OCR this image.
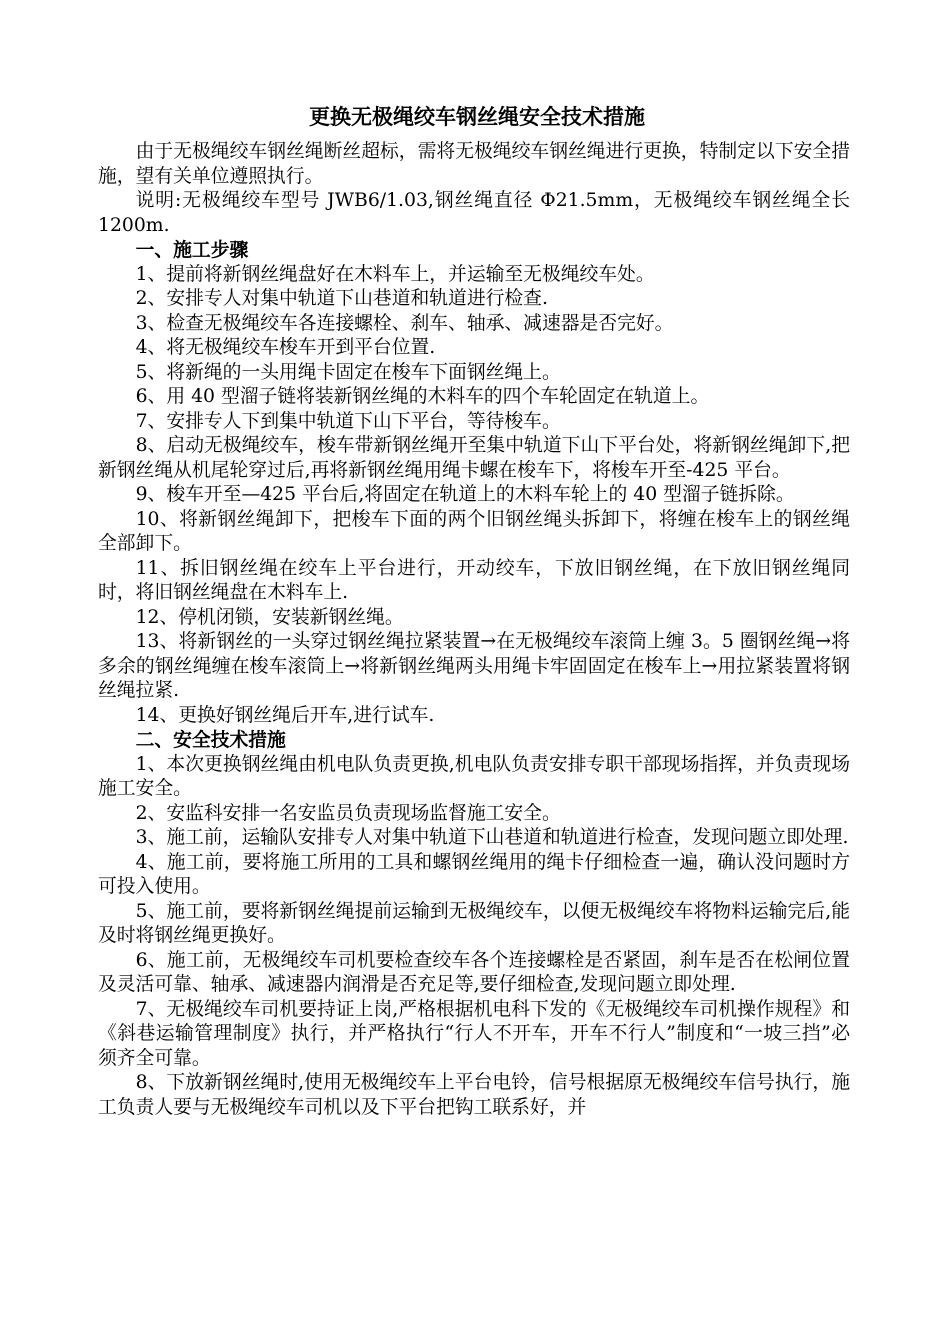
更换无极绳绞车钢丝绳安全技术措施

由于无极绳绞车钢丝绳断丝超标，需将无极绳绞车钢丝绳进行更换，特制定以下安全措施，望有关单位遵照执行。

说明:无极绳绞车型号 JWB6/1.03,钢丝绳直径 Φ21.5mm，无极绳绞车钢丝绳全长 1200m.

一、施工步骤

1、提前将新钢丝绳盘好在木料车上，并运输至无极绳绞车处。

2、安排专人对集中轨道下山巷道和轨道进行检查.

3、检查无极绳绞车各连接螺栓、刹车、轴承、减速器是否完好。

4、将无极绳绞车梭车开到平台位置.

5、将新绳的一头用绳卡固定在梭车下面钢丝绳上。

6、用 40 型溜子链将装新钢丝绳的木料车的四个车轮固定在轨道上。

7、安排专人下到集中轨道下山下平台，等待梭车。

8、启动无极绳绞车，梭车带新钢丝绳开至集中轨道下山下平台处，将新钢丝绳卸下,把新钢丝绳从机尾轮穿过后,再将新钢丝绳用绳卡螺在梭车下，将梭车开至-425 平台。

9、梭车开至—425 平台后,将固定在轨道上的木料车轮上的 40 型溜子链拆除。

10、将新钢丝绳卸下，把梭车下面的两个旧钢丝绳头拆卸下，将缠在梭车上的钢丝绳全部卸下。

11、拆旧钢丝绳在绞车上平台进行，开动绞车，下放旧钢丝绳，在下放旧钢丝绳同时，将旧钢丝绳盘在木料车上.

12、停机闭锁，安装新钢丝绳。

13、将新钢丝的一头穿过钢丝绳拉紧装置→在无极绳绞车滚筒上缠 3。5 圈钢丝绳→将多余的钢丝绳缠在梭车滚筒上→将新钢丝绳两头用绳卡牢固固定在梭车上→用拉紧装置将钢丝绳拉紧.

14、更换好钢丝绳后开车,进行试车.

二、安全技术措施

1、本次更换钢丝绳由机电队负责更换,机电队负责安排专职干部现场指挥，并负责现场施工安全。

2、安监科安排一名安监员负责现场监督施工安全。

3、施工前，运输队安排专人对集中轨道下山巷道和轨道进行检查，发现问题立即处理.

4、施工前，要将施工所用的工具和螺钢丝绳用的绳卡仔细检查一遍，确认没问题时方可投入使用。

5、施工前，要将新钢丝绳提前运输到无极绳绞车，以便无极绳绞车将物料运输完后,能及时将钢丝绳更换好。

6、施工前，无极绳绞车司机要检查绞车各个连接螺栓是否紧固，刹车是否在松闸位置及灵活可靠、轴承、减速器内润滑是否充足等,要仔细检查,发现问题立即处理.

7、无极绳绞车司机要持证上岗,严格根据机电科下发的《无极绳绞车司机操作规程》和《斜巷运输管理制度》执行，并严格执行“行人不开车，开车不行人”制度和“一坡三挡”必须齐全可靠。

8、下放新钢丝绳时,使用无极绳绞车上平台电铃，信号根据原无极绳绞车信号执行，施工负责人要与无极绳绞车司机以及下平台把钩工联系好，并
